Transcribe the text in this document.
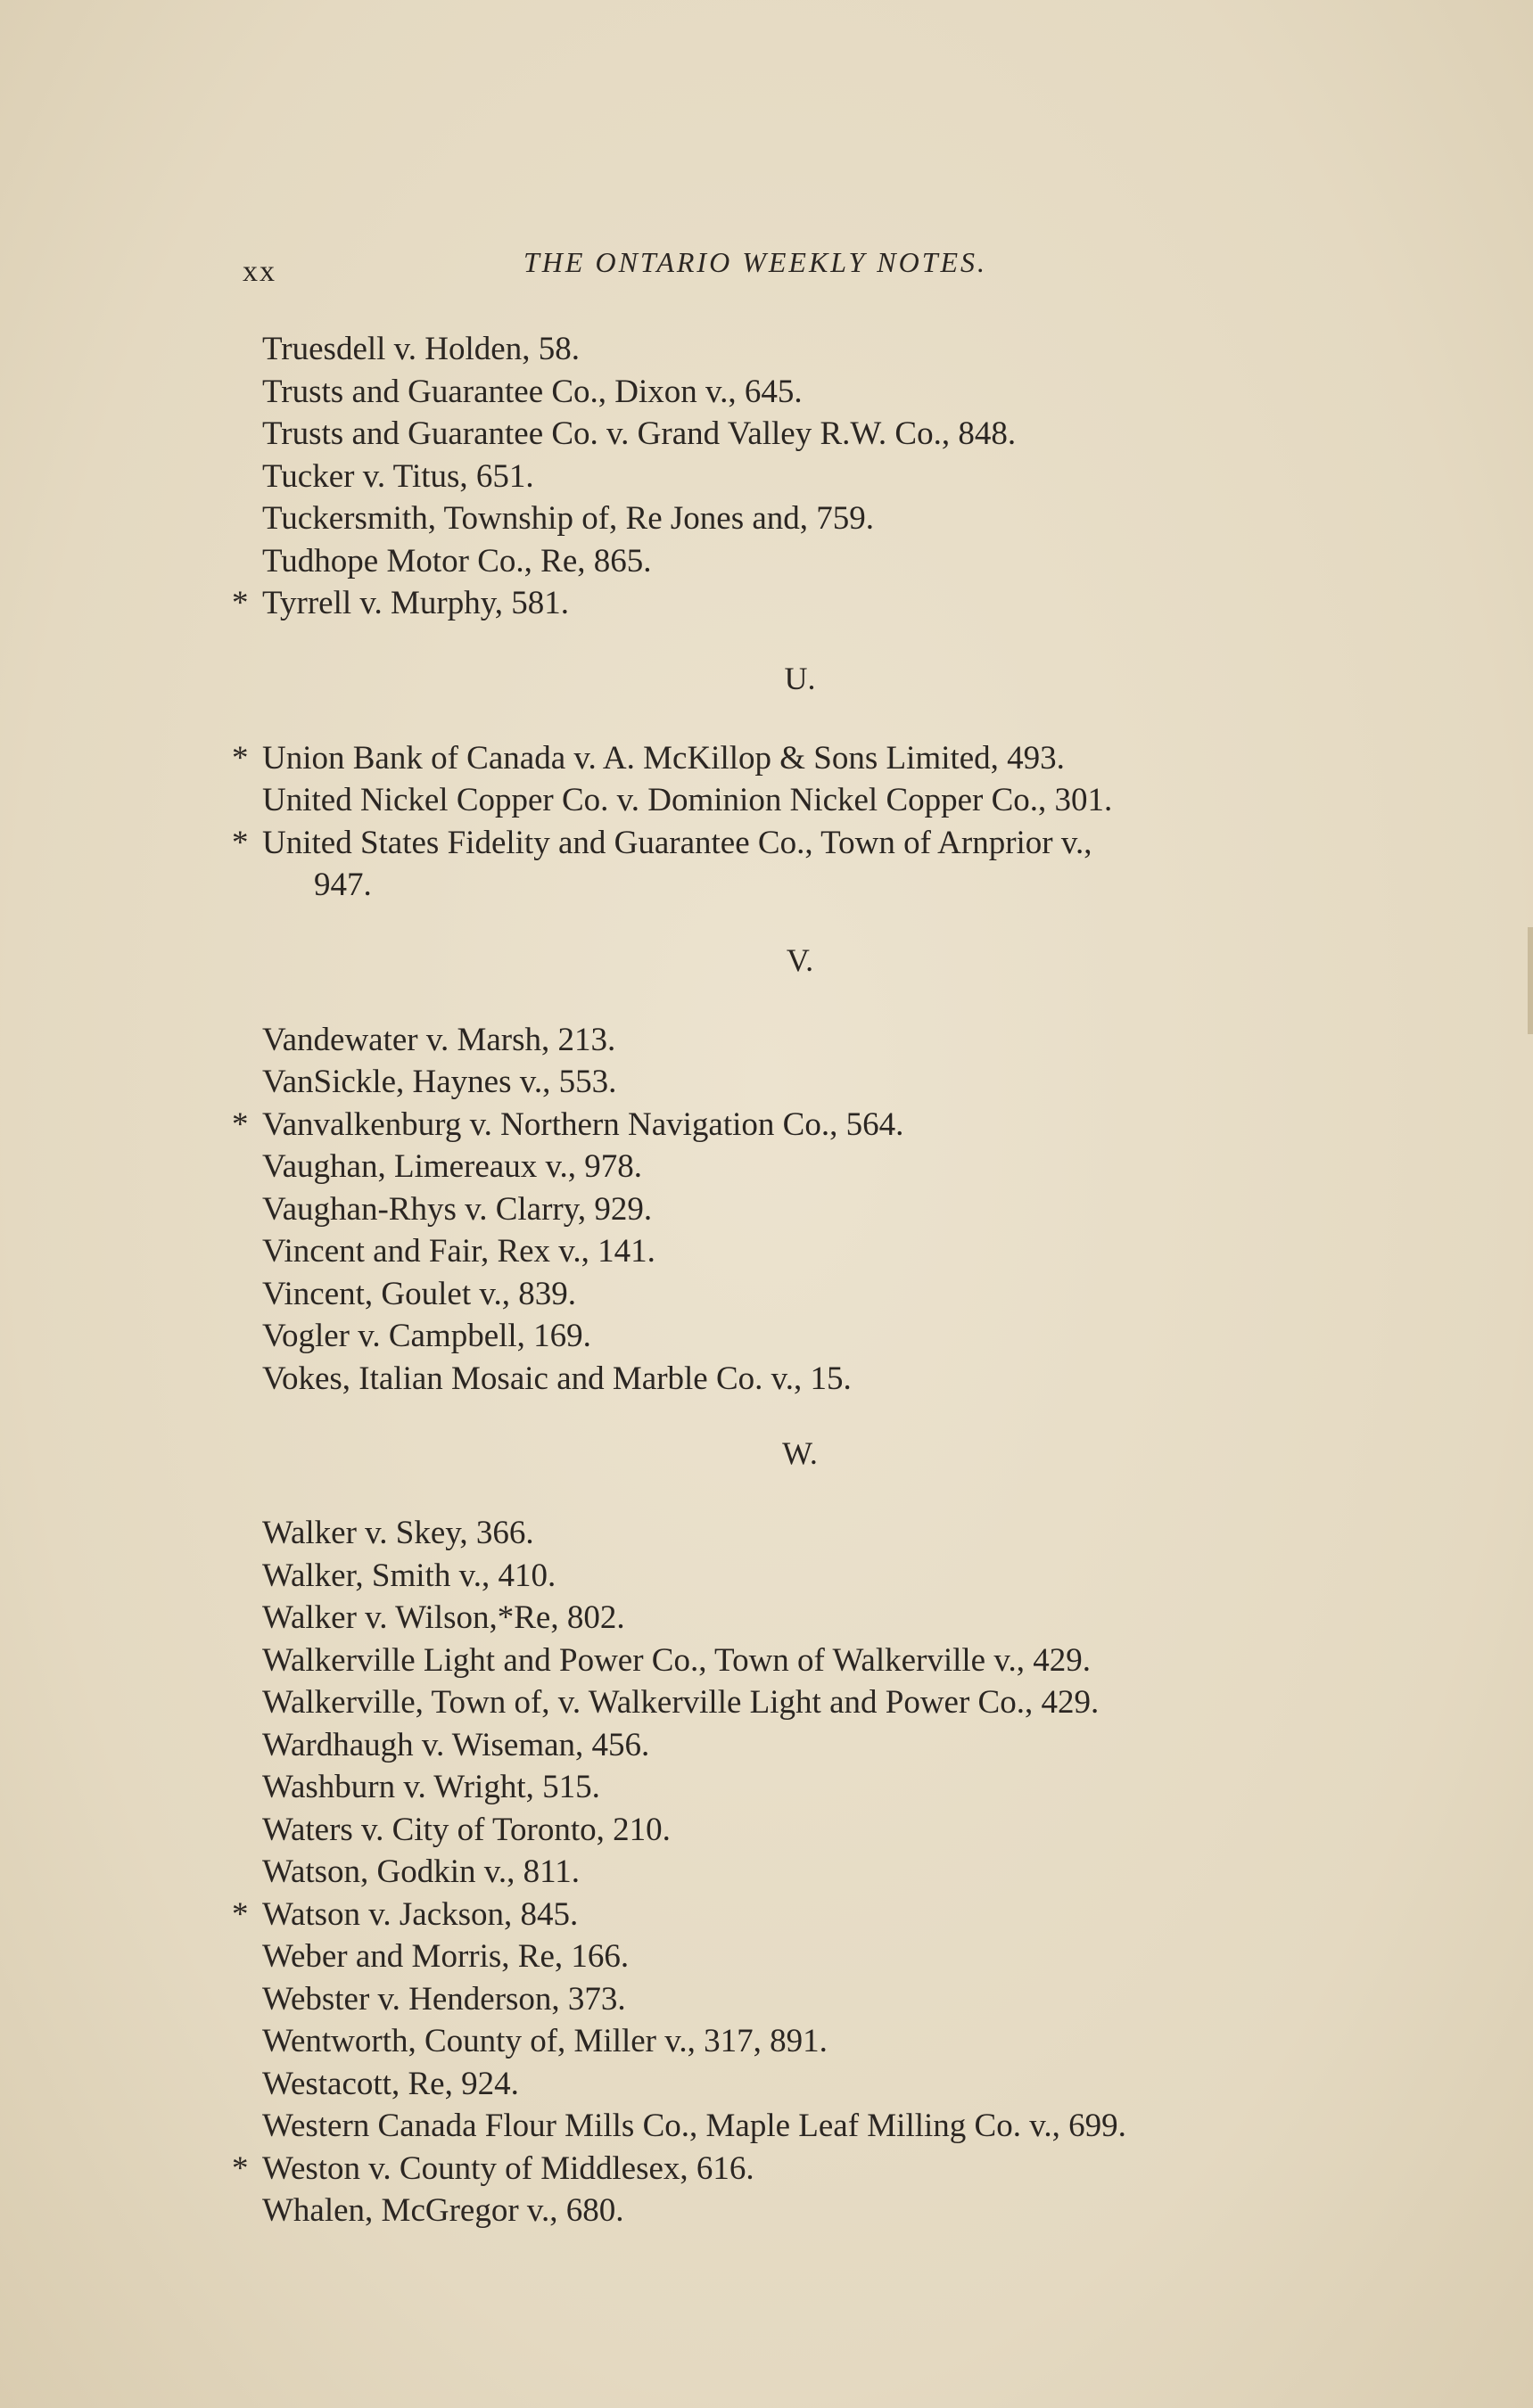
xx	THE ONTARIO WEEKLY NOTES.
Truesdell v. Holden, 58.
Trusts and Guarantee Co., Dixon v., 645.
Trusts and Guarantee Co. v. Grand Valley R.W. Co., 848.
Tucker v. Titus, 651.
Tuckersmith, Township of, Re Jones and, 759.
Tudhope Motor Co., Re, 865.
* Tyrrell v. Murphy, 581.
U.
* Union Bank of Canada v. A. McKillop & Sons Limited, 493.
United Nickel Copper Co. v. Dominion Nickel Copper Co., 301.
* United States Fidelity and Guarantee Co., Town of Arnprior v.,
947.
V.
Vandewater v. Marsh, 213.
VanSickle, Haynes v., 553.
* Vanvalkenburg v. Northern Navigation Co., 564.
Vaughan, Limereaux v., 978.
Vaughan-Rhys v. Clarry, 929.
Vincent and Fair, Rex v., 141.
Vincent, Goulet v., 839.
Vogler v. Campbell, 169.
Vokes, Italian Mosaic and Marble Co. v., 15.
W.
Walker v. Skey, 366.
Walker, Smith v., 410.
Walker v. Wilson,*Re, 802.
Walkerville Light and Power Co., Town of Walkerville v., 429.
Walkerville, Town of, v. Walkerville Light and Power Co., 429.
Wardhaugh v. Wiseman, 456.
Washburn v. Wright, 515.
Waters v. City of Toronto, 210.
Watson, Godkin v., 811.
* Watson v. Jackson, 845.
Weber and Morris, Re, 166.
Webster v. Henderson, 373.
Wentworth, County of, Miller v., 317, 891.
Westacott, Re, 924.
Western Canada Flour Mills Co., Maple Leaf Milling Co. v., 699.
* Weston v. County of Middlesex, 616.
Whalen, McGregor v., 680.
